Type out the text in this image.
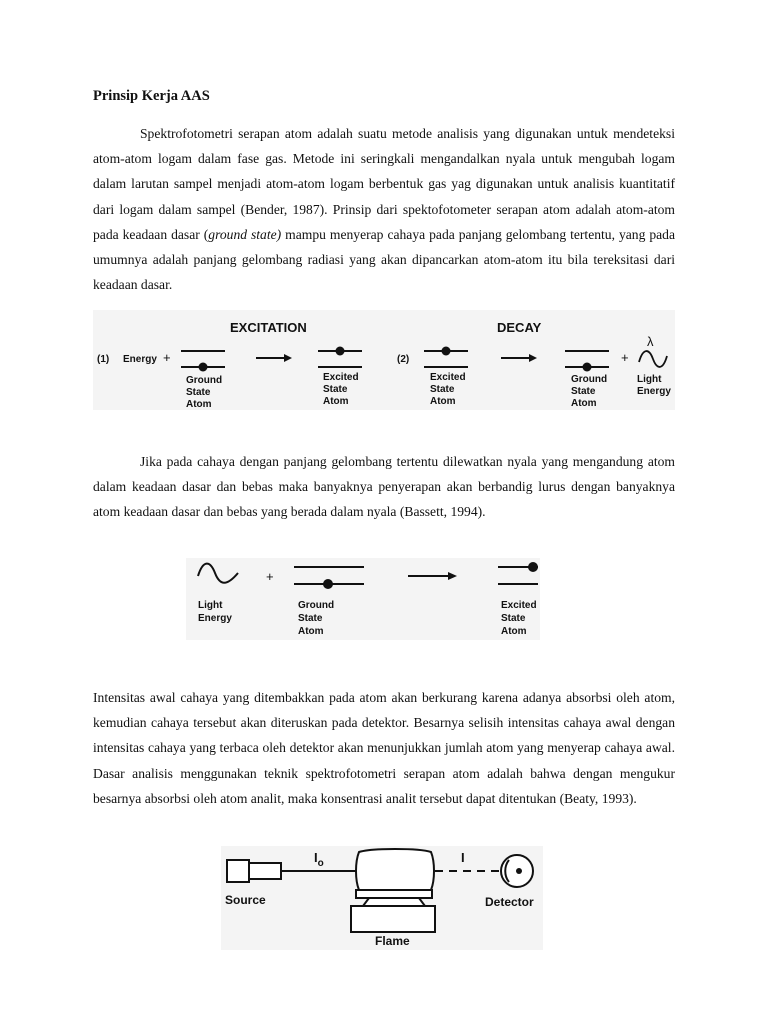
Prinsip Kerja AAS

Spektrofotometri serapan atom adalah suatu metode analisis yang digunakan untuk mendeteksi atom-atom logam dalam fase gas. Metode ini seringkali mengandalkan nyala untuk mengubah logam dalam larutan sampel menjadi atom-atom logam berbentuk gas yag digunakan untuk analisis kuantitatif dari logam dalam sampel (Bender, 1987). Prinsip dari spektofotometer serapan atom adalah atom-atom pada keadaan dasar (ground state) mampu menyerap cahaya pada panjang gelombang tertentu, yang pada umumnya adalah panjang gelombang radiasi yang akan dipancarkan atom-atom itu bila tereksitasi dari keadaan dasar.

EXCITATION	DECAY
(1) Energy +
Ground
State
Atom
Excited
State
Atom
(2)
Excited
State
Atom
Ground
State
Atom
+
λ
Light
Energy

Jika pada cahaya dengan panjang gelombang tertentu dilewatkan nyala yang mengandung atom dalam keadaan dasar dan bebas maka banyaknya penyerapan akan berbandig lurus dengan banyaknya atom keadaan dasar dan bebas yang berada dalam nyala (Bassett, 1994).

Light
Energy
+
Ground
State
Atom
Excited
State
Atom

Intensitas awal cahaya yang ditembakkan pada atom akan berkurang karena adanya absorbsi oleh atom, kemudian cahaya tersebut akan diteruskan pada detektor. Besarnya selisih intensitas cahaya awal dengan intensitas cahaya yang terbaca oleh detektor akan menunjukkan jumlah atom yang menyerap cahaya awal. Dasar analisis menggunakan teknik spektrofotometri serapan atom adalah bahwa dengan mengukur besarnya absorbsi oleh atom analit, maka konsentrasi analit tersebut dapat ditentukan (Beaty, 1993).

Source
$I_o$
Flame
I
Detector
